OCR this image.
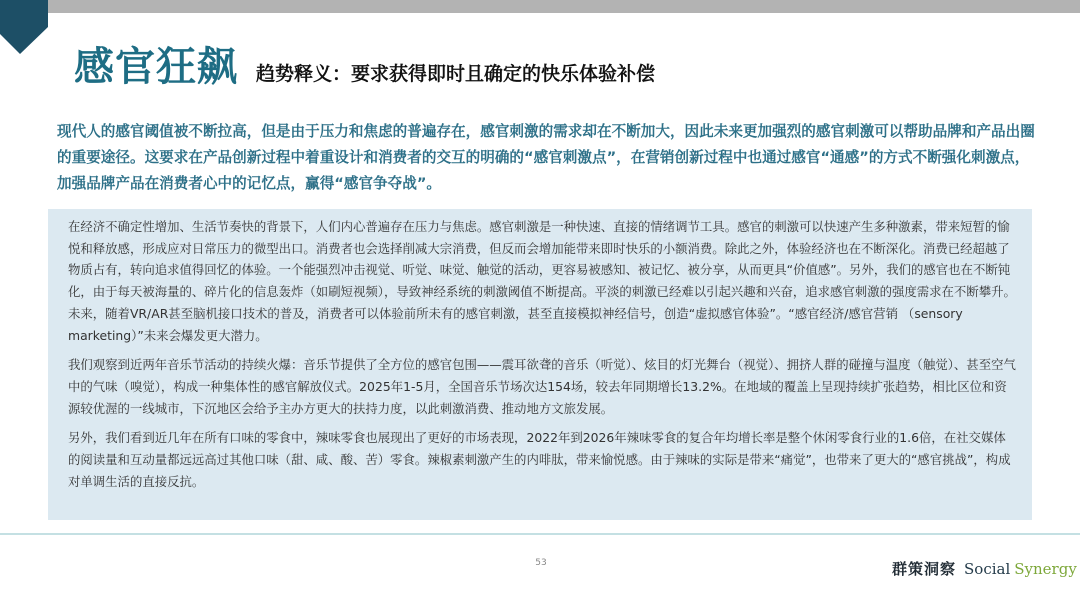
感官狂飙 趋势释义：要求获得即时且确定的快乐体验补偿
现代人的感官阈值被不断拉高，但是由于压力和焦虑的普遍存在，感官刺激的需求却在不断加大，因此未来更加强烈的感官刺激可以帮助品牌和产品出圈的重要途径。这要求在产品创新过程中着重设计和消费者的交互的明确的“感官刺激点”，在营销创新过程中也通过感官“通感”的方式不断强化刺激点，加强品牌产品在消费者心中的记忆点，赢得“感官争夺战”。

在经济不确定性增加、生活节奏快的背景下，人们内心普遍存在压力与焦虑。感官刺激是一种快速、直接的情绪调节工具。感官的刺激可以快速产生多种激素，带来短暂的愉悦和释放感，形成应对日常压力的微型出口。消费者也会选择削减大宗消费，但反而会增加能带来即时快乐的小额消费。除此之外，体验经济也在不断深化。消费已经超越了物质占有，转向追求值得回忆的体验。一个能强烈冲击视觉、听觉、味觉、触觉的活动，更容易被感知、被记忆、被分享，从而更具“价值感”。另外，我们的感官也在不断钝化，由于每天被海量的、碎片化的信息轰炸（如刷短视频），导致神经系统的刺激阈值不断提高。平淡的刺激已经难以引起兴趣和兴奋，追求感官刺激的强度需求在不断攀升。未来，随着VR/AR甚至脑机接口技术的普及，消费者可以体验前所未有的感官刺激，甚至直接模拟神经信号，创造“虚拟感官体验”。“感官经济/感官营销 （sensory marketing）”未来会爆发更大潜力。

我们观察到近两年音乐节活动的持续火爆：音乐节提供了全方位的感官包围——震耳欲聋的音乐（听觉）、炫目的灯光舞台（视觉）、拥挤人群的碰撞与温度（触觉）、甚至空气中的气味（嗅觉），构成一种集体性的感官解放仪式。2025年1-5月，全国音乐节场次达154场，较去年同期增长13.2%。在地域的覆盖上呈现持续扩张趋势，相比区位和资源较优渥的一线城市，下沉地区会给予主办方更大的扶持力度，以此刺激消费、推动地方文旅发展。

另外，我们看到近几年在所有口味的零食中，辣味零食也展现出了更好的市场表现，2022年到2026年辣味零食的复合年均增长率是整个休闲零食行业的1.6倍，在社交媒体的阅读量和互动量都远远高过其他口味（甜、咸、酸、苦）零食。辣椒素刺激产生的内啡肽，带来愉悦感。由于辣味的实际是带来“痛觉”，也带来了更大的“感官挑战”，构成对单调生活的直接反抗。

53	群策洞察 Social Synergy
